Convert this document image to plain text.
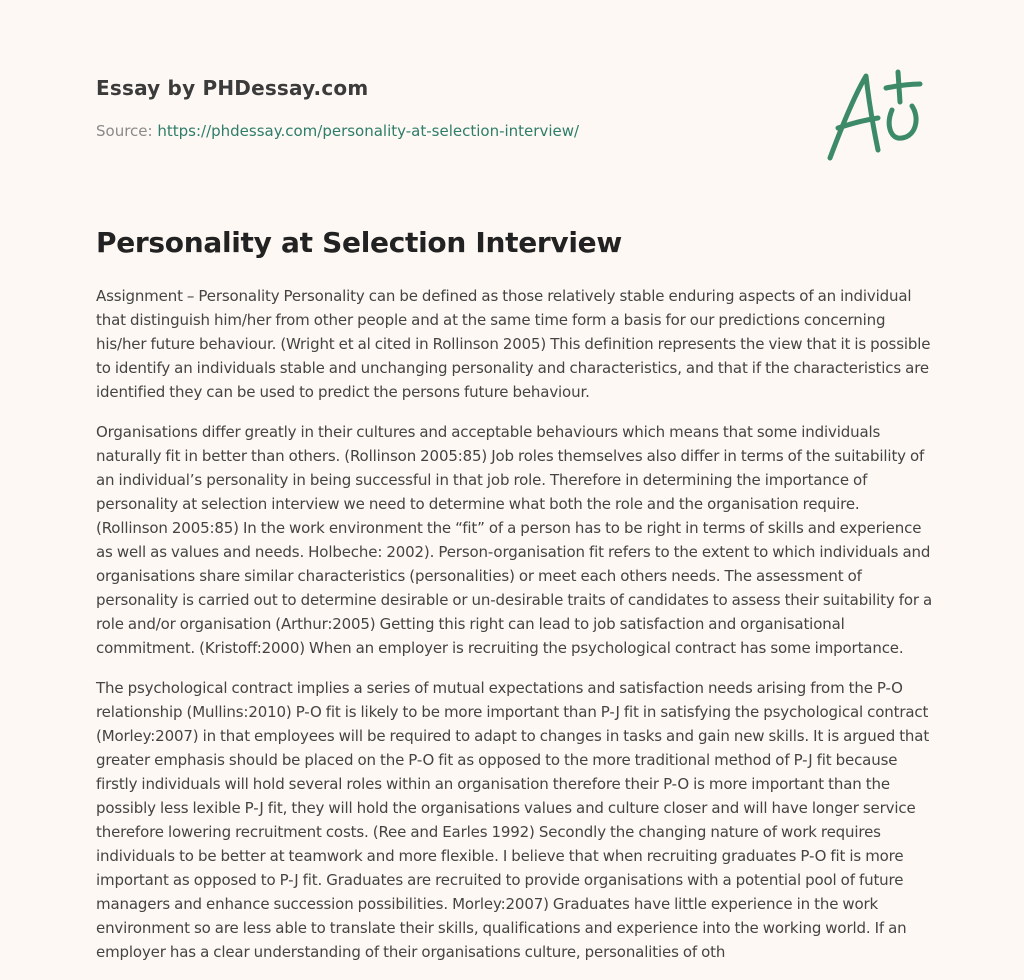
Essay by PHDessay.com
Source: https://phdessay.com/personality-at-selection-interview/
Personality at Selection Interview

Assignment – Personality Personality can be defined as those relatively stable enduring aspects of an individual that distinguish him/her from other people and at the same time form a basis for our predictions concerning his/her future behaviour. (Wright et al cited in Rollinson 2005) This definition represents the view that it is possible to identify an individuals stable and unchanging personality and characteristics, and that if the characteristics are identified they can be used to predict the persons future behaviour.

Organisations differ greatly in their cultures and acceptable behaviours which means that some individuals naturally fit in better than others. (Rollinson 2005:85) Job roles themselves also differ in terms of the suitability of an individual’s personality in being successful in that job role. Therefore in determining the importance of personality at selection interview we need to determine what both the role and the organisation require. (Rollinson 2005:85) In the work environment the “fit” of a person has to be right in terms of skills and experience as well as values and needs. Holbeche: 2002). Person-organisation fit refers to the extent to which individuals and organisations share similar characteristics (personalities) or meet each others needs. The assessment of personality is carried out to determine desirable or un-desirable traits of candidates to assess their suitability for a role and/or organisation (Arthur:2005) Getting this right can lead to job satisfaction and organisational commitment. (Kristoff:2000) When an employer is recruiting the psychological contract has some importance.

The psychological contract implies a series of mutual expectations and satisfaction needs arising from the P-O relationship (Mullins:2010) P-O fit is likely to be more important than P-J fit in satisfying the psychological contract (Morley:2007) in that employees will be required to adapt to changes in tasks and gain new skills. It is argued that greater emphasis should be placed on the P-O fit as opposed to the more traditional method of P-J fit because firstly individuals will hold several roles within an organisation therefore their P-O is more important than the possibly less lexible P-J fit, they will hold the organisations values and culture closer and will have longer service therefore lowering recruitment costs. (Ree and Earles 1992) Secondly the changing nature of work requires individuals to be better at teamwork and more flexible. I believe that when recruiting graduates P-O fit is more important as opposed to P-J fit. Graduates are recruited to provide organisations with a potential pool of future managers and enhance succession possibilities. Morley:2007) Graduates have little experience in the work environment so are less able to translate their skills, qualifications and experience into the working world. If an employer has a clear understanding of their organisations culture, personalities of oth
